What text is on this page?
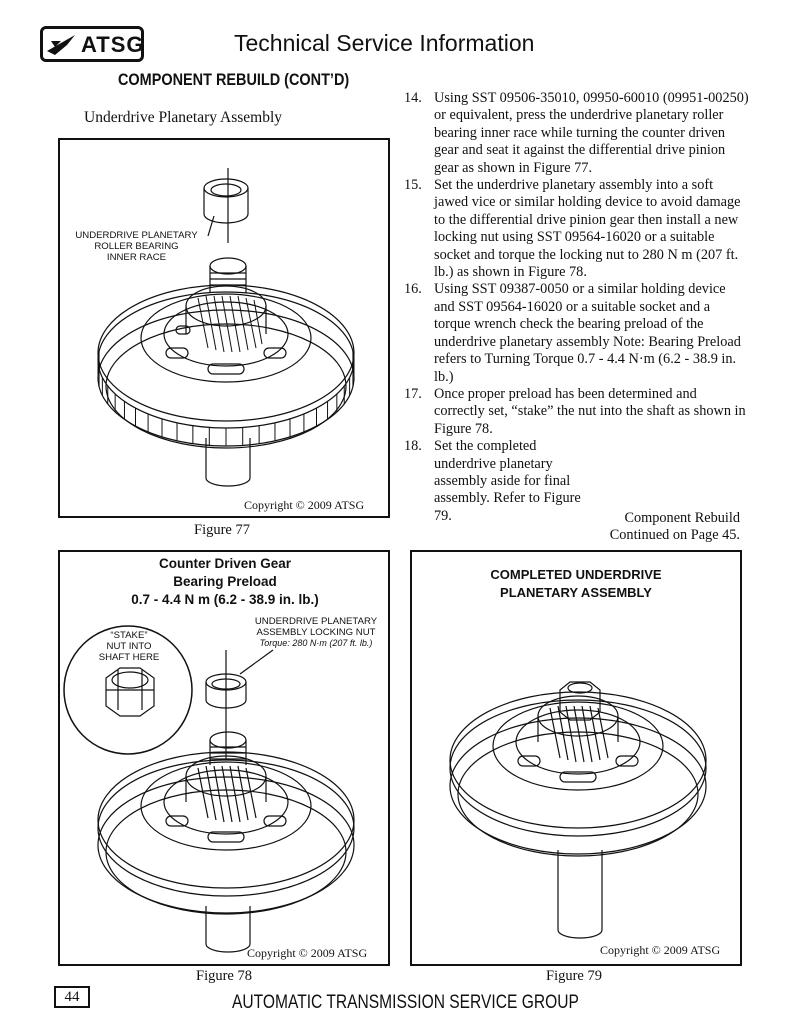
ATSG	Technical Service Information
COMPONENT REBUILD (CONT’D)
Underdrive Planetary Assembly
UNDERDRIVE PLANETARY
ROLLER BEARING
INNER RACE
Copyright © 2009 ATSG
Figure 77
14. Using SST 09506-35010, 09950-60010 (09951-00250) or equivalent, press the underdrive planetary roller bearing inner race while turning the counter driven gear and seat it against the differential drive pinion gear as shown in Figure 77.
15. Set the underdrive planetary assembly into a soft jawed vice or similar holding device to avoid damage to the differential drive pinion gear then install a new locking nut using SST 09564-16020 or a suitable socket and torque the locking nut to 280 N m (207 ft. lb.) as shown in Figure 78.
16. Using SST 09387-0050 or a similar holding device and SST 09564-16020 or a suitable socket and a torque wrench check the bearing preload of the underdrive planetary assembly Note: Bearing Preload refers to Turning Torque 0.7 - 4.4 N·m (6.2 - 38.9 in. lb.)
17. Once proper preload has been determined and correctly set, “stake” the nut into the shaft as shown in Figure 78.
18. Set the completed underdrive planetary assembly aside for final assembly. Refer to Figure 79.	Component Rebuild
Continued on Page 45.
Counter Driven Gear
Bearing Preload
0.7 - 4.4 N m (6.2 - 38.9 in. lb.)
“STAKE”
NUT INTO
SHAFT HERE
UNDERDRIVE PLANETARY
ASSEMBLY LOCKING NUT
Torque: 280 N·m (207 ft. lb.)
Copyright © 2009 ATSG
Figure 78
COMPLETED UNDERDRIVE
PLANETARY ASSEMBLY
Copyright © 2009 ATSG
Figure 79
44	AUTOMATIC TRANSMISSION SERVICE GROUP
